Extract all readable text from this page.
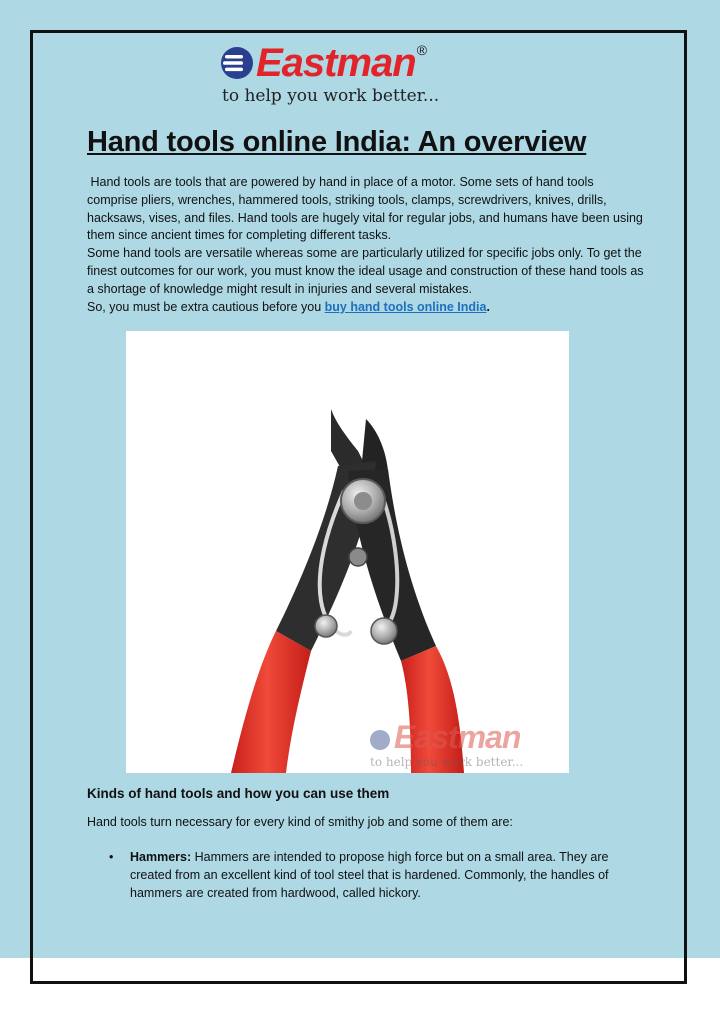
Eastman ®
to help you work better...
Hand tools online India: An overview

Hand tools are tools that are powered by hand in place of a motor. Some sets of hand tools comprise pliers, wrenches, hammered tools, striking tools, clamps, screwdrivers, knives, drills, hacksaws, vises, and files. Hand tools are hugely vital for regular jobs, and humans have been using them since ancient times for completing different tasks.

Some hand tools are versatile whereas some are particularly utilized for specific jobs only. To get the finest outcomes for our work, you must know the ideal usage and construction of these hand tools as a shortage of knowledge might result in injuries and several mistakes.

So, you must be extra cautious before you buy hand tools online India.

Eastman
to help you work better...
Kinds of hand tools and how you can use them

Hand tools turn necessary for every kind of smithy job and some of them are:

• Hammers: Hammers are intended to propose high force but on a small area. They are created from an excellent kind of tool steel that is hardened. Commonly, the handles of hammers are created from hardwood, called hickory.
